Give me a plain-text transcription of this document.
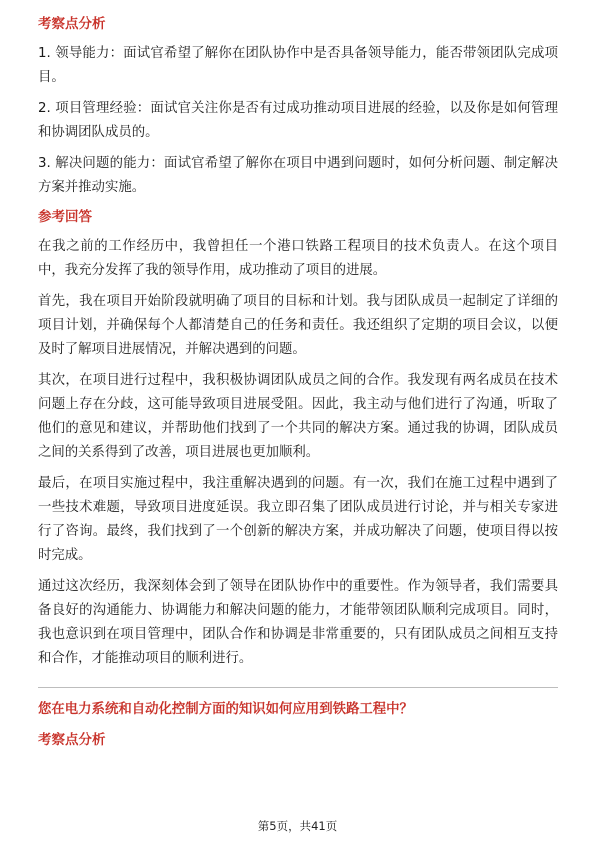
考察点分析
1. 领导能力：面试官希望了解你在团队协作中是否具备领导能力，能否带领团队完成项目。
2. 项目管理经验：面试官关注你是否有过成功推动项目进展的经验，以及你是如何管理和协调团队成员的。
3. 解决问题的能力：面试官希望了解你在项目中遇到问题时，如何分析问题、制定解决方案并推动实施。
参考回答
在我之前的工作经历中，我曾担任一个港口铁路工程项目的技术负责人。在这个项目中，我充分发挥了我的领导作用，成功推动了项目的进展。
首先，我在项目开始阶段就明确了项目的目标和计划。我与团队成员一起制定了详细的项目计划，并确保每个人都清楚自己的任务和责任。我还组织了定期的项目会议，以便及时了解项目进展情况，并解决遇到的问题。
其次，在项目进行过程中，我积极协调团队成员之间的合作。我发现有两名成员在技术问题上存在分歧，这可能导致项目进展受阻。因此，我主动与他们进行了沟通，听取了他们的意见和建议，并帮助他们找到了一个共同的解决方案。通过我的协调，团队成员之间的关系得到了改善，项目进展也更加顺利。
最后，在项目实施过程中，我注重解决遇到的问题。有一次，我们在施工过程中遇到了一些技术难题，导致项目进度延误。我立即召集了团队成员进行讨论，并与相关专家进行了咨询。最终，我们找到了一个创新的解决方案，并成功解决了问题，使项目得以按时完成。
通过这次经历，我深刻体会到了领导在团队协作中的重要性。作为领导者，我们需要具备良好的沟通能力、协调能力和解决问题的能力，才能带领团队顺利完成项目。同时，我也意识到在项目管理中，团队合作和协调是非常重要的，只有团队成员之间相互支持和合作，才能推动项目的顺利进行。
您在电力系统和自动化控制方面的知识如何应用到铁路工程中？
考察点分析
第5页，共41页
